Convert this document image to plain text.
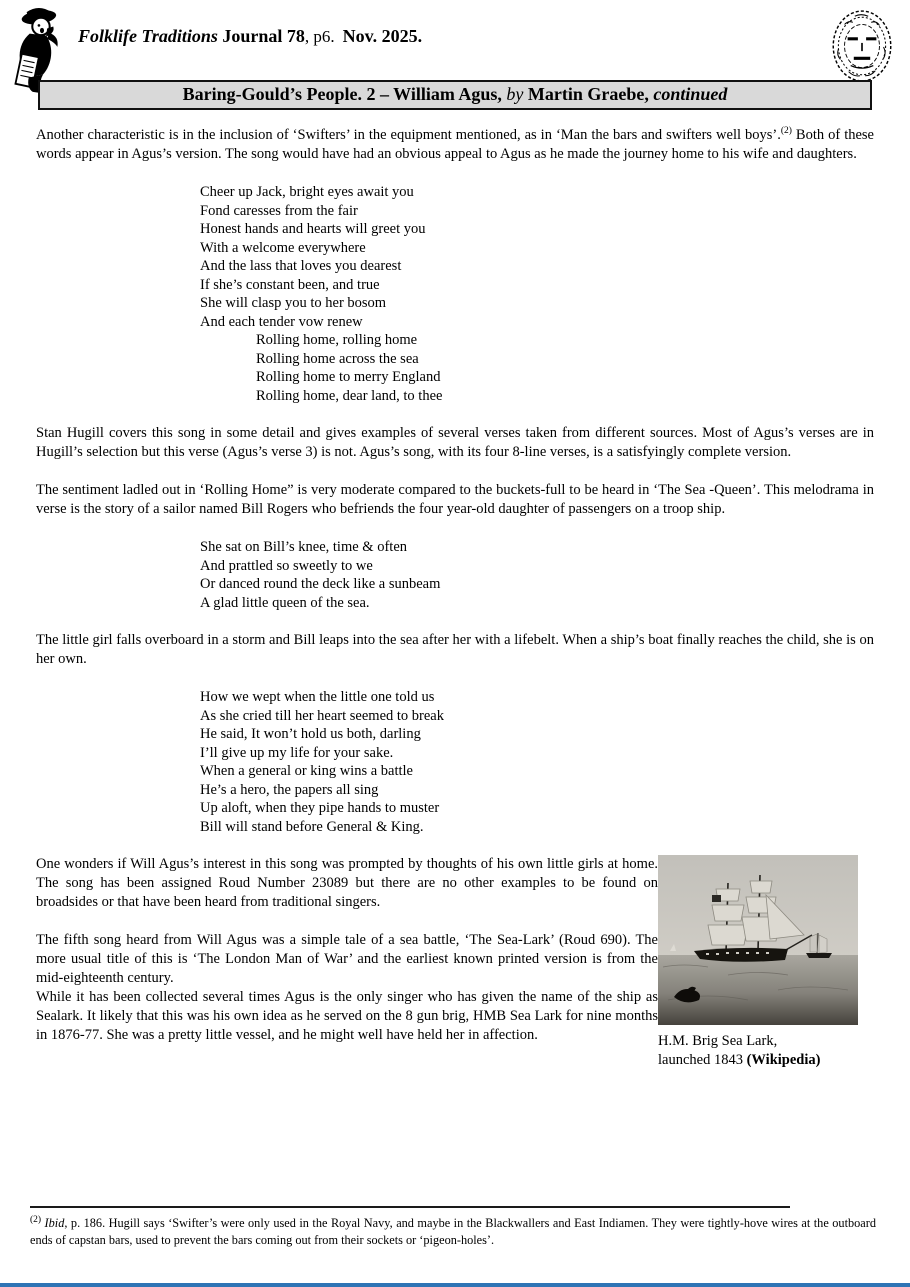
Folklife Traditions Journal 78, p6. Nov. 2025.
Baring-Gould’s People. 2 – William Agus, by Martin Graebe, continued

Another characteristic is in the inclusion of ‘Swifters’ in the equipment mentioned, as in ‘Man the bars and swifters well boys’.$^{(2)}$ Both of these words appear in Agus’s version. The song would have had an obvious appeal to Agus as he made the journey home to his wife and daughters.

Cheer up Jack, bright eyes await you
Fond caresses from the fair
Honest hands and hearts will greet you
With a welcome everywhere
And the lass that loves you dearest
If she’s constant been, and true
She will clasp you to her bosom
And each tender vow renew
Rolling home, rolling home
Rolling home across the sea
Rolling home to merry England
Rolling home, dear land, to thee

Stan Hugill covers this song in some detail and gives examples of several verses taken from different sources. Most of Agus’s verses are in Hugill’s selection but this verse (Agus’s verse 3) is not. Agus’s song, with its four 8-line verses, is a satisfyingly complete version.

The sentiment ladled out in ‘Rolling Home” is very moderate compared to the buckets-full to be heard in ‘The Sea -Queen’. This melodrama in verse is the story of a sailor named Bill Rogers who befriends the four year-old daughter of passengers on a troop ship.

She sat on Bill’s knee, time & often
And prattled so sweetly to we
Or danced round the deck like a sunbeam
A glad little queen of the sea.

The little girl falls overboard in a storm and Bill leaps into the sea after her with a lifebelt. When a ship’s boat finally reaches the child, she is on her own.

How we wept when the little one told us
As she cried till her heart seemed to break
He said, It won’t hold us both, darling
I’ll give up my life for your sake.
When a general or king wins a battle
He’s a hero, the papers all sing
Up aloft, when they pipe hands to muster
Bill will stand before General & King.

One wonders if Will Agus’s interest in this song was prompted by thoughts of his own little girls at home. The song has been assigned Roud Number 23089 but there are no other examples to be found on broadsides or that have been heard from traditional singers.

The fifth song heard from Will Agus was a simple tale of a sea battle, ‘The Sea-Lark’ (Roud 690). The more usual title of this is ‘The London Man of War’ and the earliest known printed version is from the mid-eighteenth century.
While it has been collected several times Agus is the only singer who has given the name of the ship as Sealark. It likely that this was his own idea as he served on the 8 gun brig, HMB Sea Lark for nine months in 1876-77. She was a pretty little vessel, and he might well have held her in affection.	H.M. Brig Sea Lark,
launched 1843 (Wikipedia)

$^{(2)}$ Ibid, p. 186. Hugill says ‘Swifter’s were only used in the Royal Navy, and maybe in the Blackwallers and East Indiamen. They were tightly-hove wires at the outboard ends of capstan bars, used to prevent the bars coming out from their sockets or ‘pigeon-holes’.
